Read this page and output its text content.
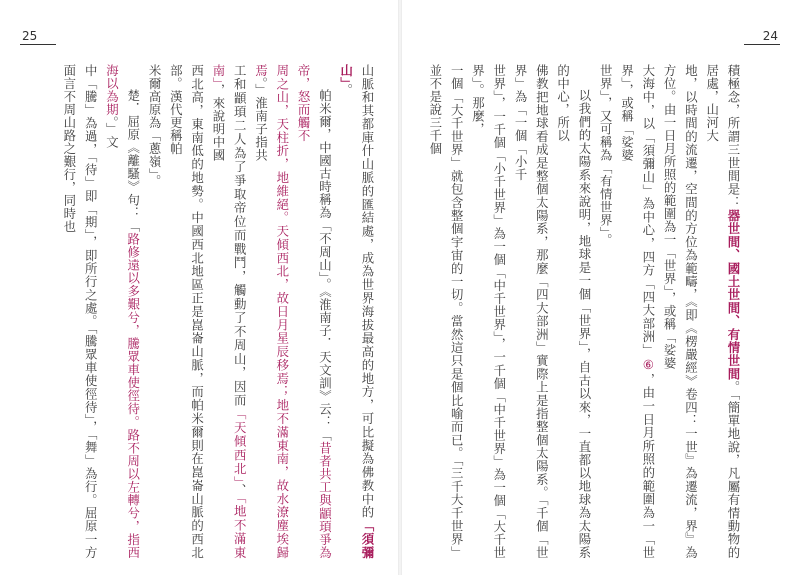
25
山脈和其都庫什山脈的匯結處，成為世界海拔最高的地方，可比擬為佛教中的「須彌山」。
帕米爾，中國古時稱為「不周山」。《淮南子．天文訓》云：「昔者共工與顓頊爭為帝，怒而觸不
周之山，天柱折，地維絕。天傾西北，故日月星辰移焉；地不滿東南，故水潦塵埃歸焉。」淮南子指共
工和顓頊二人為了爭取帝位而戰鬥，觸動了不周山，因而「天傾西北」、「地不滿東南」，來說明中國
西北高，東南低的地勢。中國西北地區正是崑崙山脈，而帕米爾則在崑崙山脈的西北部。漢代更稱帕
米爾高原為「蔥嶺」。
楚．屈原《離騷》句：「路修遠以多艱兮，騰眾車使徑待。路不周以左轉兮，指西海以為期。」文
中「騰」為過，「待」即「期」，即所行之處。「騰眾車使徑待」，「舞」為行。屈原一方面言不周山路之艱行，同時也
24
積極念，所謂三世間是：器世間、國土世間、有情世間。「簡單地說，凡屬有情動物的居處，山河大
地，以時間的流遷，空間的方位為範疇，《即《楞嚴經》卷四：一世』為遷流，界』為方位。由一日月所照的範圍為一「世界」，或稱「娑婆
大海中，以「須彌山」為中心，四方「四大部洲」⑥，由一日月所照的範圍為一「世界」，或稱「娑婆
世界」，又可稱為「有情世界」。
以我們的太陽系來說明，地球是一個「世界」，自古以來，一直都以地球為太陽系的中心，所以
佛教把地球看成是整個太陽系，那麼「四大部洲」實際上是指整個太陽系。「千個「世界」為「一個「小千
世界」，一千個「小千世界」為一個「中千世界」，一千個「中千世界」為一個「大千世界」。那麼，
一個「大千世界」就包含整個宇宙的一切。當然這只是個比喻而已。「三千大千世界」並不是說三千個
